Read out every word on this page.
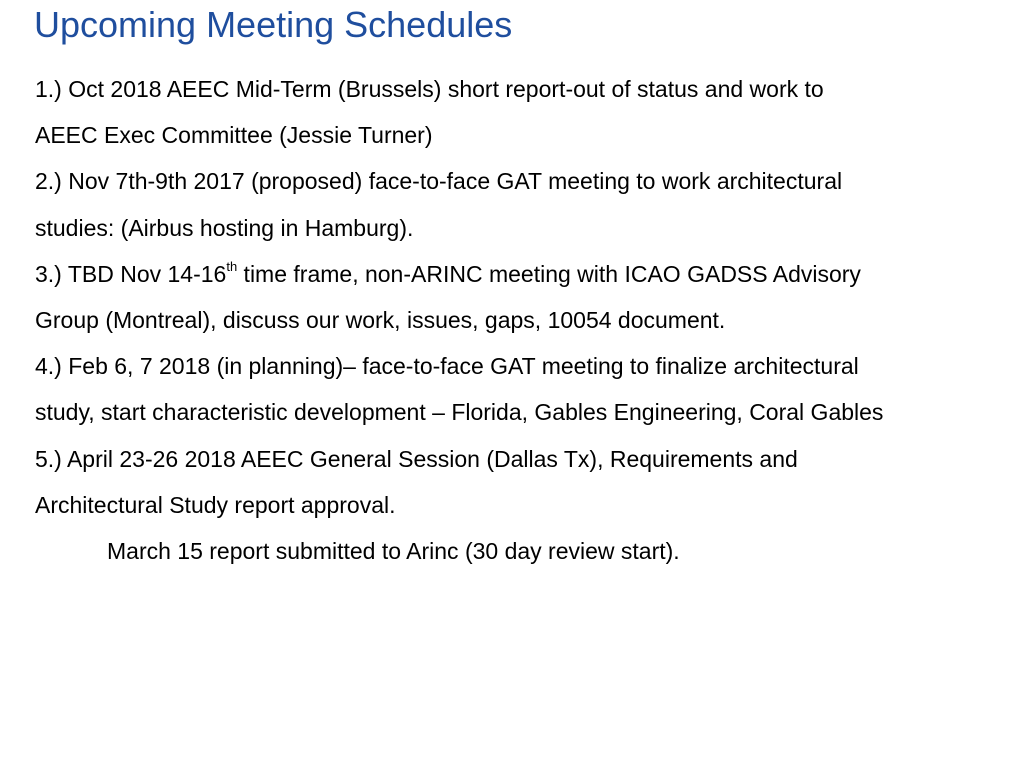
Upcoming Meeting Schedules
1.) Oct 2018 AEEC Mid-Term (Brussels) short report-out of status and work to
AEEC Exec Committee (Jessie Turner)
2.) Nov 7th-9th 2017 (proposed) face-to-face GAT meeting to work architectural
studies: (Airbus hosting in Hamburg).
3.) TBD Nov 14-16th time frame, non-ARINC meeting with ICAO GADSS Advisory
Group (Montreal), discuss our work, issues, gaps, 10054 document.
4.) Feb 6, 7 2018 (in planning)– face-to-face GAT meeting to finalize architectural
study, start characteristic development – Florida, Gables Engineering, Coral Gables
5.) April 23-26 2018 AEEC General Session (Dallas Tx), Requirements and
Architectural Study report approval.
March 15 report submitted to Arinc (30 day review start).
